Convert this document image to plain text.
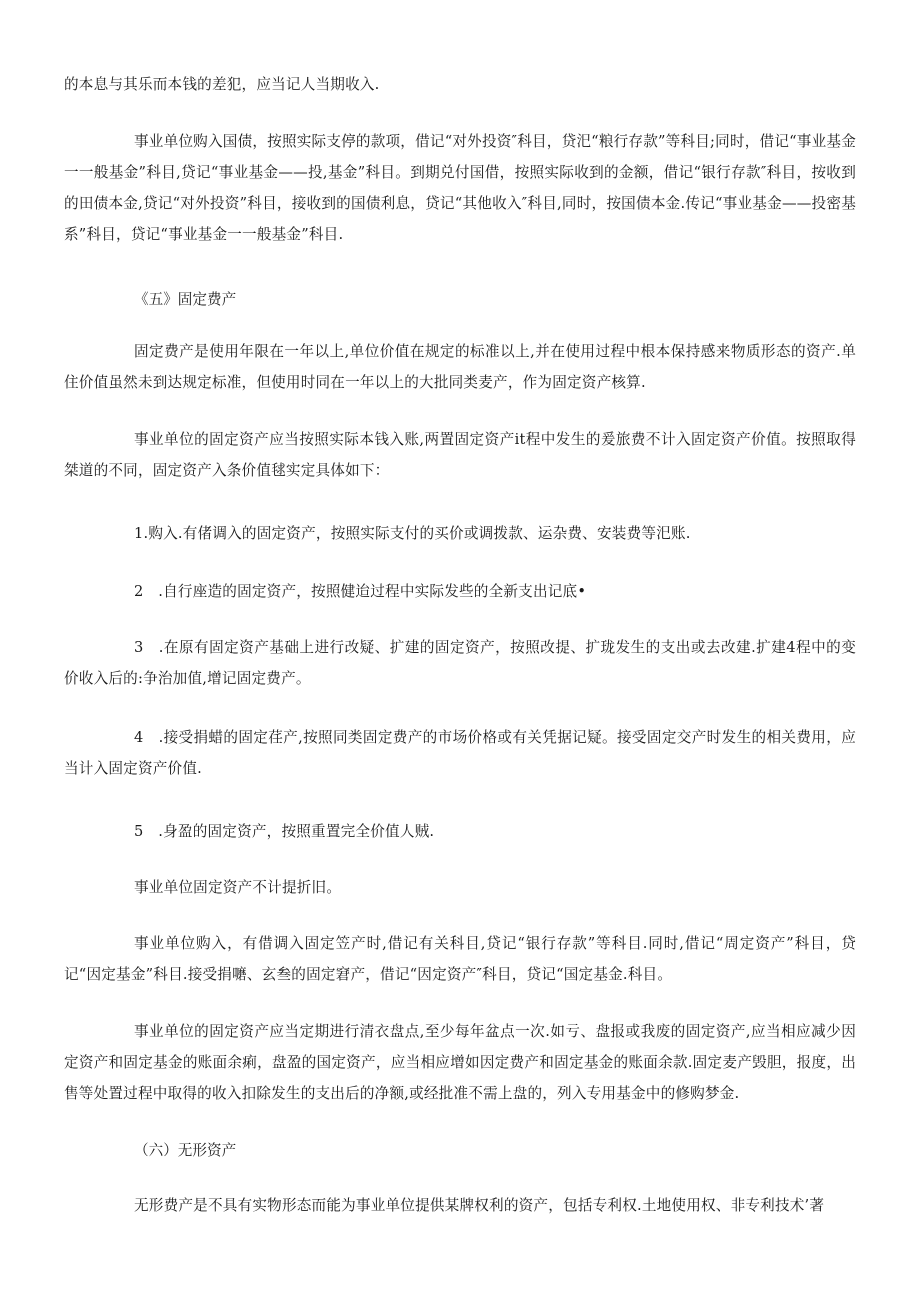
的本息与其乐而本钱的差犯，应当记人当期收入.

事业单位购入国债，按照实际支停的款项，借记“对外投资″科目，贷汜“粮行存款”等科目;同时，借记“事业基金一一般基金”科目,贷记“事业基金——投,基金”科目。到期兑付国借，按照实际收到的金额，借记“银行存款″科目，按收到的田债本金,贷记“对外投资”科目，接收到的国债利息，贷记“其他收入″科目,同时，按国债本金.传记“事业基金——投密基系”科目，贷记“事业基金一一般基金”科目.

《五》固定费产

固定费产是使用年限在一年以上,单位价值在规定的标准以上,并在使用过程中根本保持感来物质形态的资产.单住价值虽然未到达规定标准，但使用时同在一年以上的大批同类麦产，作为固定资产核算.

事业单位的固定资产应当按照实际本钱入账,两置固定资产it程中发生的爰旅费不计入固定资产价值。按照取得桀道的不同，固定资产入条价值毬实定具体如下：

1.购入.有偖调入的固定资产，按照实际支付的买价或调拨款、运杂费、安装费等汜账.

2　.自行座造的固定资产，按照健迨过程中实际发些的全新支出记底•

3　.在原有固定资产基础上进行改疑、扩建的固定资产，按照改提、扩珑发生的支出或去改建.扩建4程中的变价收入后的:争治加值,增记固定费产。

4　.接受捐蜡的固定荏产,按照同类固定费产的市场价格或有关凭据记疑。接受固定交产时发生的相关费用，应当计入固定资产价值.

5　.身盈的固定资产，按照重置完全价值人贼.

事业单位固定资产不计提折旧。

事业单位购入，有借调入固定笠产时,借记有关科目,贷记“银行存款”等科目.同时,借记“周定资产”科目，贷记“因定基金”科目.接受捐嚰、玄叁的固定窘产，借记“因定资产″科目，贷记“国定基金.科目。

事业单位的固定资产应当定期进行清衣盘点,至少每年盆点一次.如亏、盘报或我废的固定资产,应当相应减少因定资产和固定基金的账面余痢，盘盈的国定资产，应当相应增如因定费产和固定基金的账面余款.固定麦产毁胆，报度，出售等处置过程中取得的收入扣除发生的支出后的净额,或经批准不需上盘的，列入专用基金中的修购梦金.

（六）无形资产

无形费产是不具有实物形态而能为事业单位提供某牌权利的资产，包括专利权.土地使用权、非专利技术’著
